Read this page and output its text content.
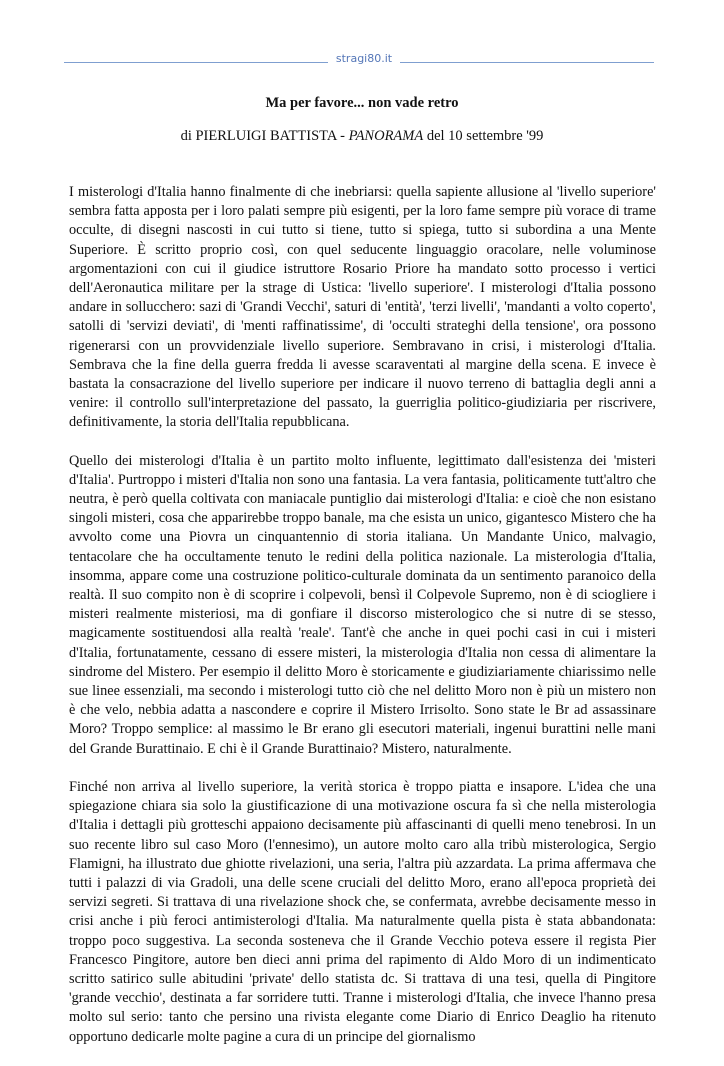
stragi80.it
Ma per favore... non vade retro
di PIERLUIGI BATTISTA - PANORAMA del 10 settembre '99

I misterologi d'Italia hanno finalmente di che inebriarsi: quella sapiente allusione al 'livello superiore' sembra fatta apposta per i loro palati sempre più esigenti, per la loro fame sempre più vorace di trame occulte, di disegni nascosti in cui tutto si tiene, tutto si spiega, tutto si subordina a una Mente Superiore. È scritto proprio così, con quel seducente linguaggio oracolare, nelle voluminose argomentazioni con cui il giudice istruttore Rosario Priore ha mandato sotto processo i vertici dell'Aeronautica militare per la strage di Ustica: 'livello superiore'. I misterologi d'Italia possono andare in sollucchero: sazi di 'Grandi Vecchi', saturi di 'entità', 'terzi livelli', 'mandanti a volto coperto', satolli di 'servizi deviati', di 'menti raffinatissime', di 'occulti strateghi della tensione', ora possono rigenerarsi con un provvidenziale livello superiore. Sembravano in crisi, i misterologi d'Italia. Sembrava che la fine della guerra fredda li avesse scaraventati al margine della scena. E invece è bastata la consacrazione del livello superiore per indicare il nuovo terreno di battaglia degli anni a venire: il controllo sull'interpretazione del passato, la guerriglia politico-giudiziaria per riscrivere, definitivamente, la storia dell'Italia repubblicana.

Quello dei misterologi d'Italia è un partito molto influente, legittimato dall'esistenza dei 'misteri d'Italia'. Purtroppo i misteri d'Italia non sono una fantasia. La vera fantasia, politicamente tutt'altro che neutra, è però quella coltivata con maniacale puntiglio dai misterologi d'Italia: e cioè che non esistano singoli misteri, cosa che apparirebbe troppo banale, ma che esista un unico, gigantesco Mistero che ha avvolto come una Piovra un cinquantennio di storia italiana. Un Mandante Unico, malvagio, tentacolare che ha occultamente tenuto le redini della politica nazionale. La misterologia d'Italia, insomma, appare come una costruzione politico-culturale dominata da un sentimento paranoico della realtà. Il suo compito non è di scoprire i colpevoli, bensì il Colpevole Supremo, non è di sciogliere i misteri realmente misteriosi, ma di gonfiare il discorso misterologico che si nutre di se stesso, magicamente sostituendosi alla realtà 'reale'. Tant'è che anche in quei pochi casi in cui i misteri d'Italia, fortunatamente, cessano di essere misteri, la misterologia d'Italia non cessa di alimentare la sindrome del Mistero. Per esempio il delitto Moro è storicamente e giudiziariamente chiarissimo nelle sue linee essenziali, ma secondo i misterologi tutto ciò che nel delitto Moro non è più un mistero non è che velo, nebbia adatta a nascondere e coprire il Mistero Irrisolto. Sono state le Br ad assassinare Moro? Troppo semplice: al massimo le Br erano gli esecutori materiali, ingenui burattini nelle mani del Grande Burattinaio. E chi è il Grande Burattinaio? Mistero, naturalmente.

Finché non arriva al livello superiore, la verità storica è troppo piatta e insapore. L'idea che una spiegazione chiara sia solo la giustificazione di una motivazione oscura fa sì che nella misterologia d'Italia i dettagli più grotteschi appaiono decisamente più affascinanti di quelli meno tenebrosi. In un suo recente libro sul caso Moro (l'ennesimo), un autore molto caro alla tribù misterologica, Sergio Flamigni, ha illustrato due ghiotte rivelazioni, una seria, l'altra più azzardata. La prima affermava che tutti i palazzi di via Gradoli, una delle scene cruciali del delitto Moro, erano all'epoca proprietà dei servizi segreti. Si trattava di una rivelazione shock che, se confermata, avrebbe decisamente messo in crisi anche i più feroci antimisterologi d'Italia. Ma naturalmente quella pista è stata abbandonata: troppo poco suggestiva. La seconda sosteneva che il Grande Vecchio poteva essere il regista Pier Francesco Pingitore, autore ben dieci anni prima del rapimento di Aldo Moro di un indimenticato scritto satirico sulle abitudini 'private' dello statista dc. Si trattava di una tesi, quella di Pingitore 'grande vecchio', destinata a far sorridere tutti. Tranne i misterologi d'Italia, che invece l'hanno presa molto sul serio: tanto che persino una rivista elegante come Diario di Enrico Deaglio ha ritenuto opportuno dedicarle molte pagine a cura di un principe del giornalismo
